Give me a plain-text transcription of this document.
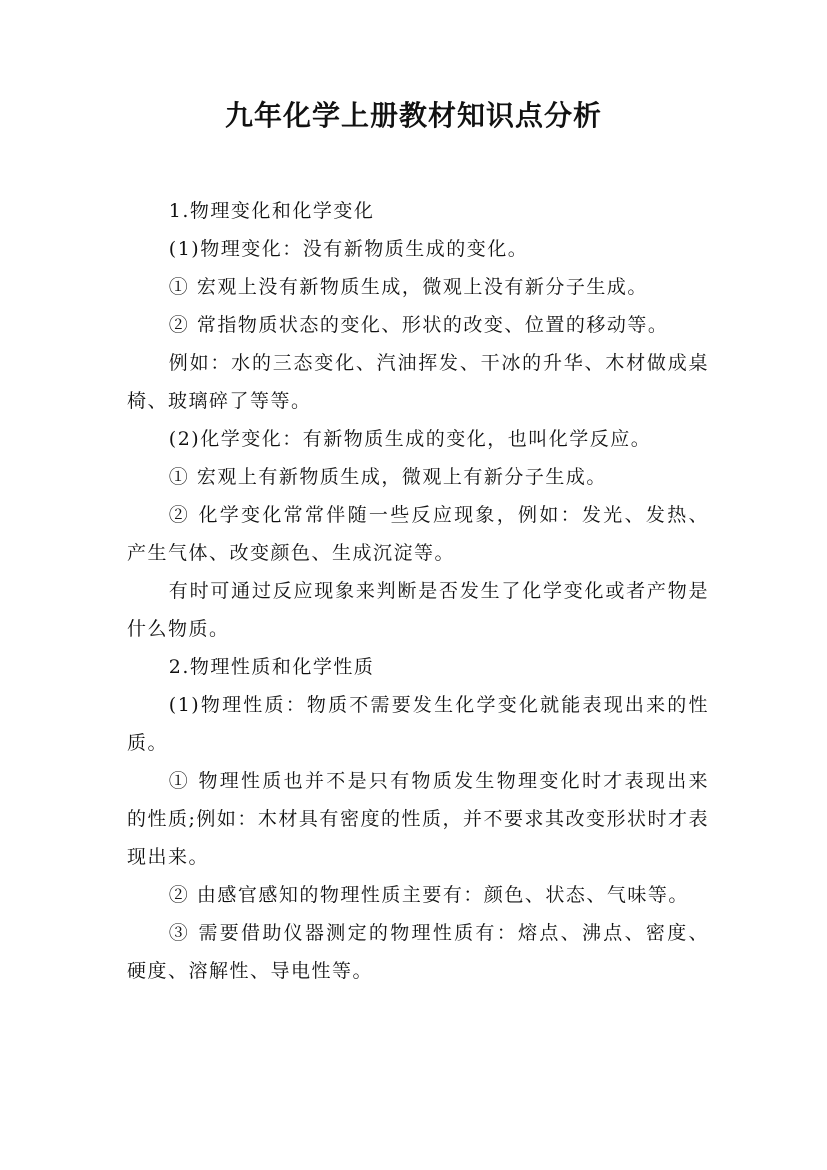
九年化学上册教材知识点分析

1.物理变化和化学变化

(1)物理变化：没有新物质生成的变化。

① 宏观上没有新物质生成，微观上没有新分子生成。

② 常指物质状态的变化、形状的改变、位置的移动等。

例如：水的三态变化、汽油挥发、干冰的升华、木材做成桌椅、玻璃碎了等等。

(2)化学变化：有新物质生成的变化，也叫化学反应。

① 宏观上有新物质生成，微观上有新分子生成。

② 化学变化常常伴随一些反应现象，例如：发光、发热、产生气体、改变颜色、生成沉淀等。

有时可通过反应现象来判断是否发生了化学变化或者产物是什么物质。

2.物理性质和化学性质

(1)物理性质：物质不需要发生化学变化就能表现出来的性质。

① 物理性质也并不是只有物质发生物理变化时才表现出来的性质;例如：木材具有密度的性质，并不要求其改变形状时才表现出来。

② 由感官感知的物理性质主要有：颜色、状态、气味等。

③ 需要借助仪器测定的物理性质有：熔点、沸点、密度、硬度、溶解性、导电性等。
